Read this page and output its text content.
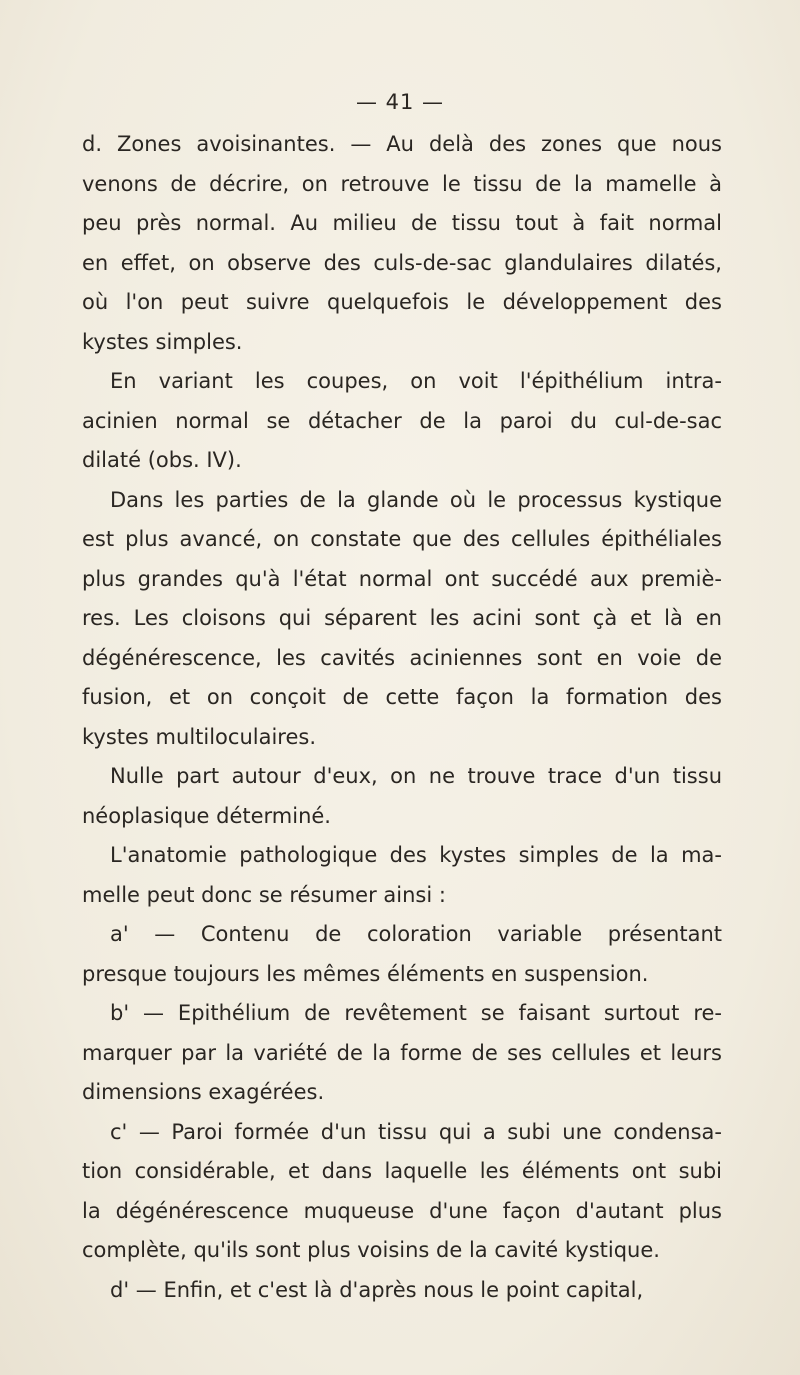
— 41 —
d. Zones avoisinantes. — Au delà des zones que nous
venons de décrire, on retrouve le tissu de la mamelle à
peu près normal. Au milieu de tissu tout à fait normal
en effet, on observe des culs-de-sac glandulaires dilatés,
où l'on peut suivre quelquefois le développement des
kystes simples.
En variant les coupes, on voit l'épithélium intra-
acinien normal se détacher de la paroi du cul-de-sac
dilaté (obs. IV).
Dans les parties de la glande où le processus kystique
est plus avancé, on constate que des cellules épithéliales
plus grandes qu'à l'état normal ont succédé aux premiè-
res. Les cloisons qui séparent les acini sont çà et là en
dégénérescence, les cavités aciniennes sont en voie de
fusion, et on conçoit de cette façon la formation des
kystes multiloculaires.
Nulle part autour d'eux, on ne trouve trace d'un tissu
néoplasique déterminé.
L'anatomie pathologique des kystes simples de la ma-
melle peut donc se résumer ainsi :
a' — Contenu de coloration variable présentant
presque toujours les mêmes éléments en suspension.
b' — Epithélium de revêtement se faisant surtout re-
marquer par la variété de la forme de ses cellules et leurs
dimensions exagérées.
c' — Paroi formée d'un tissu qui a subi une condensa-
tion considérable, et dans laquelle les éléments ont subi
la dégénérescence muqueuse d'une façon d'autant plus
complète, qu'ils sont plus voisins de la cavité kystique.
d' — Enfin, et c'est là d'après nous le point capital,
